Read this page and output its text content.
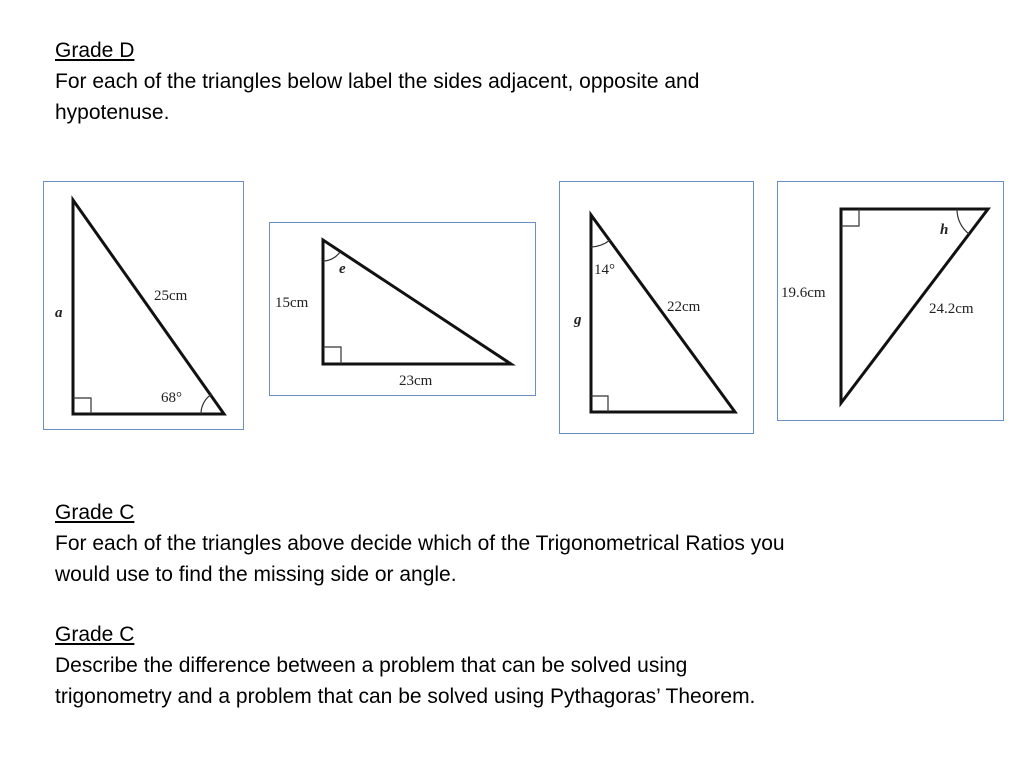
Grade D

For each of the triangles below label the sides adjacent, opposite and

hypotenuse.

25cm
68°
a
e
15cm
23cm
14°
22cm
g
h
19.6cm
24.2cm

Grade C

For each of the triangles above decide which of the Trigonometrical Ratios you

would use to find the missing side or angle.

Grade C

Describe the difference between a problem that can be solved using

trigonometry and a problem that can be solved using Pythagoras’ Theorem.
